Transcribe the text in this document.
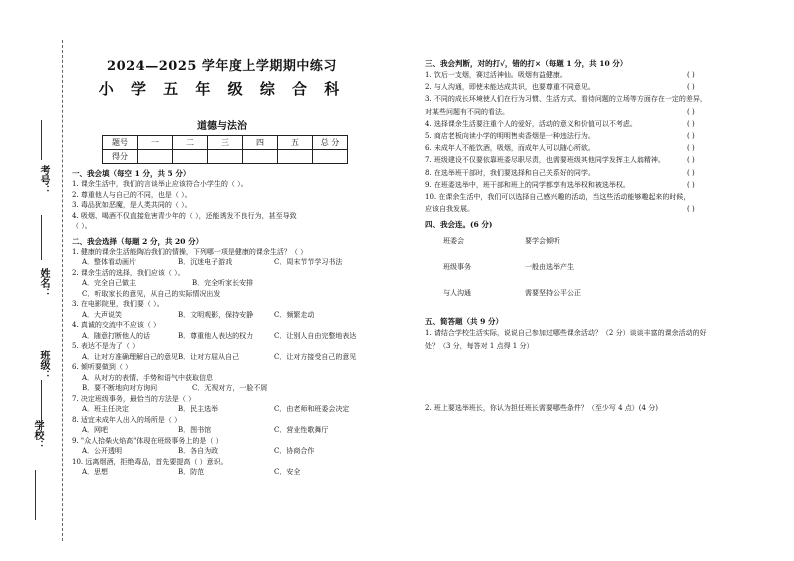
学校：
班级：
姓名：
考号：
2024—2025 学年度上学期期中练习
小 学 五 年 级 综 合 科
道德与法治
题号	一	二	三	四	五	总 分
得分						
一、我会填（每空 1 分，共 5 分）
1. 课余生活中，我们的言谈举止应该符合小学生的（ ）。
2. 尊重他人与自己的不同，也是（ ）。
3. 毒品犹如恶魔，是人类共同的（ ）。
4. 吸烟、喝酒不仅直接危害青少年的（ ），还能诱发不良行为，甚至导致
（ ）。
二、我会选择（每题 2 分，共 20 分）
1. 健康的课余生活能陶冶我们的情操，下列哪一项是健康的课余生活？（ ）
A．整体看动画片	B．沉迷电子游戏	C．周末节节学习书法
2. 课余生活的选择，我们应该（ ）。
A．完全自己做主	B．完全听家长安排
C．听取家长的意见，从自己的实际情况出发
3. 在电影院里，我们要（ ）。
A．大声说笑	B．文明观影，保持安静	C．频繁走动
4. 真诚的交流中不应该（ ）
A．随意打断他人的话	B．尊重他人表达的权力	C．让别人自由完整地表达
5. 表达不是为了（ ）
A．让对方准确理解自己的意见 B．让对方屈从自己	C．让对方接受自己的意见
6. 倾听要做到（ ）
A．从对方的表情、手势和语气中获取信息
B．要不断地向对方询问	C．无视对方，一脸不屑
7. 决定班级事务，最恰当的方法是（ ）
A．班主任决定	B．民主选举	C．由老师和班委会决定
8. 适宜未成年人出入的场所是（ ）
A．网吧	B．图书馆	C．营业性歌舞厅
9. "众人拾柴火焰高"体现在班级事务上的是（ ）
A．公开透明	B．各自为政	C．协商合作
10. 远离烟酒，拒绝毒品，首先要提高（ ）意识。
A．思想	B．防范	C．安全
三、我会判断，对的打√，错的打×（每题 1 分，共 10 分）
1. 饮后一支烟，赛过活神仙。吸烟有益健康。	( )
2. 与人沟通，即使未能达成共识，也要尊重不同意见。	( )
3. 不同的成长环境使人们在行为习惯、生活方式、看待问题的立场等方面存在一定的差异，
对某些问题有不同的看法。	( )
4. 选择课余生活要注重个人的爱好，活动的意义和价值可以不考虑。	( )
5. 商店老板向读小学的明明售卖香烟是一种违法行为。	( )
6. 未成年人不能饮酒，吸烟，而成年人可以随心所欲。	( )
7. 班级建设不仅要依靠班委尽职尽责，也需要班级其他同学发挥主人翁精神。	( )
8. 在选举班干部时，我们要选择和自己关系好的同学。	( )
9. 在班委选举中，班干部和班上的同学都享有选举权和被选举权。	( )
10. 在课余生活中，我们可以选择自己感兴趣的活动，当这些活动能够趣起来的时候，
应该自我发展。	( )
四、我会连。(6 分)
班委会
班级事务
与人沟通
要学会倾听
一般由选举产生
需要坚持公平公正
五、简答题（共 9 分）
1. 请结合学校生活实际，说说自己参加过哪些课余活动？（2 分）谈谈丰富的课余活动的好
处？（3 分，每答对 1 点得 1 分）
2. 班上要选举班长，你认为担任班长需要哪些条件？（至少写 4 点）(4 分)
